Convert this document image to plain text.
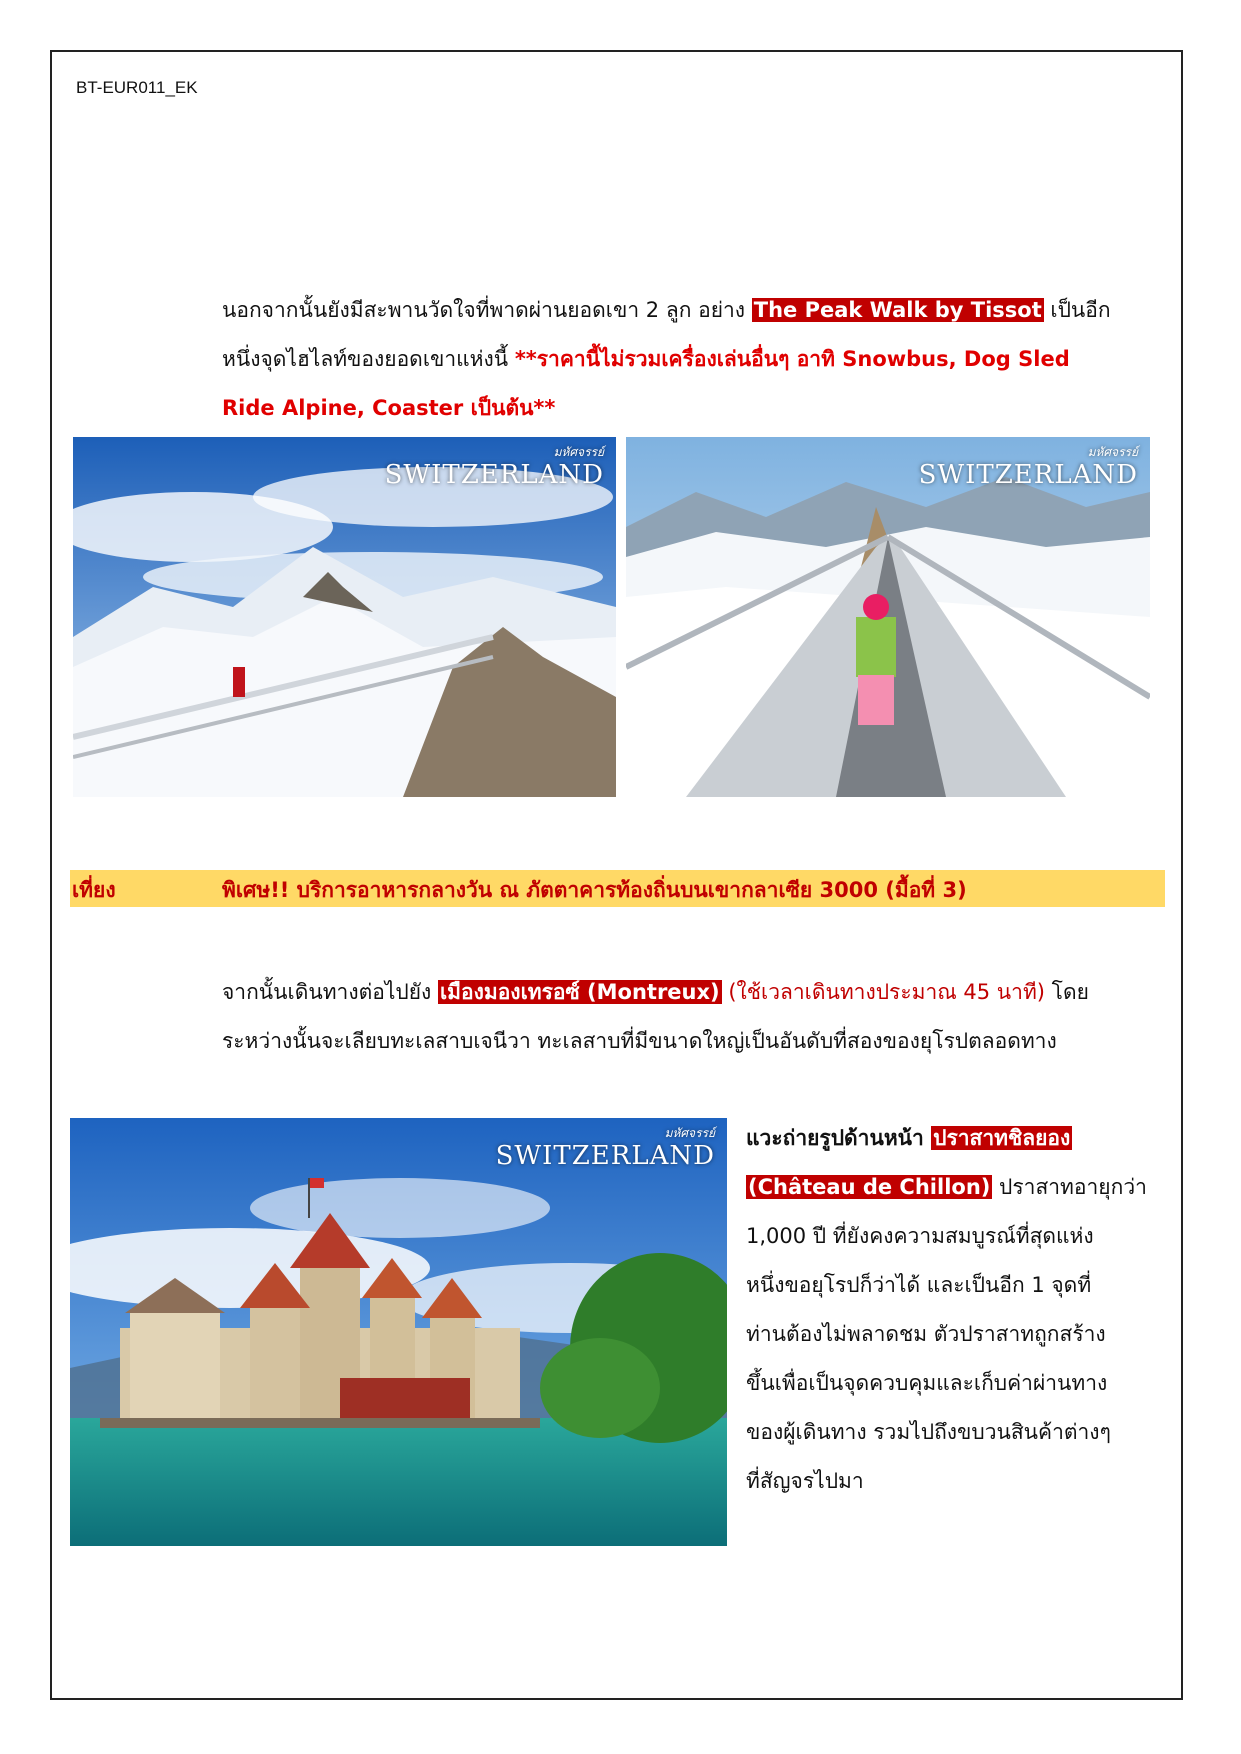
BT-EUR011_EK
นอกจากนั้นยังมีสะพานวัดใจที่พาดผ่านยอดเขา 2 ลูก อย่าง The Peak Walk by Tissot เป็นอีก
หนึ่งจุดไฮไลท์ของยอดเขาแห่งนี้ **ราคานี้ไม่รวมเครื่องเล่นอื่นๆ อาทิ Snowbus, Dog Sled
Ride Alpine, Coaster เป็นต้น**
มหัศจรรย์
SWITZERLAND
มหัศจรรย์
SWITZERLAND
เที่ยง	พิเศษ!! บริการอาหารกลางวัน ณ ภัตตาคารท้องถิ่นบนเขากลาเซีย 3000 (มื้อที่ 3)
จากนั้นเดินทางต่อไปยัง เมืองมองเทรอซ์ (Montreux) (ใช้เวลาเดินทางประมาณ 45 นาที) โดย
ระหว่างนั้นจะเลียบทะเลสาบเจนีวา ทะเลสาบที่มีขนาดใหญ่เป็นอันดับที่สองของยุโรปตลอดทาง
มหัศจรรย์
SWITZERLAND
แวะถ่ายรูปด้านหน้า ปราสาทชิลยอง
(Château de Chillon) ปราสาทอายุกว่า
1,000 ปี ที่ยังคงความสมบูรณ์ที่สุดแห่ง
หนึ่งขอยุโรปก็ว่าได้ และเป็นอีก 1 จุดที่
ท่านต้องไม่พลาดชม ตัวปราสาทถูกสร้าง
ขึ้นเพื่อเป็นจุดควบคุมและเก็บค่าผ่านทาง
ของผู้เดินทาง รวมไปถึงขบวนสินค้าต่างๆ
ที่สัญจรไปมา
